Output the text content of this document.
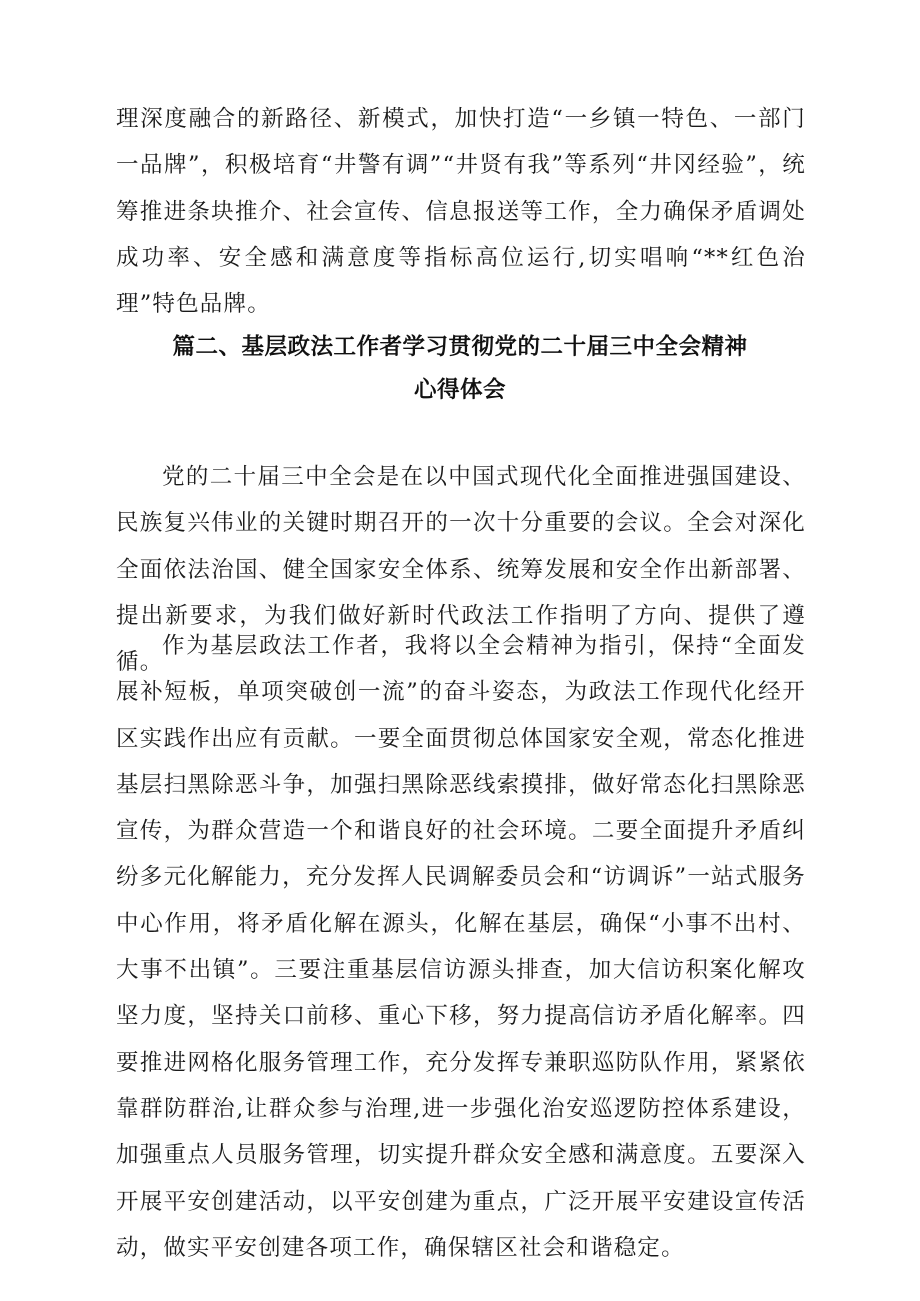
理深度融合的新路径、新模式，加快打造“一乡镇一特色、一部门一品牌”，积极培育“井警有调”“井贤有我”等系列“井冈经验”，统筹推进条块推介、社会宣传、信息报送等工作，全力确保矛盾调处成功率、安全感和满意度等指标高位运行,切实唱响“**红色治理”特色品牌。

篇二、基层政法工作者学习贯彻党的二十届三中全会精神
心得体会

党的二十届三中全会是在以中国式现代化全面推进强国建设、民族复兴伟业的关键时期召开的一次十分重要的会议。全会对深化全面依法治国、健全国家安全体系、统筹发展和安全作出新部署、提出新要求，为我们做好新时代政法工作指明了方向、提供了遵循。

作为基层政法工作者，我将以全会精神为指引，保持“全面发展补短板，单项突破创一流”的奋斗姿态，为政法工作现代化经开区实践作出应有贡献。一要全面贯彻总体国家安全观，常态化推进基层扫黑除恶斗争，加强扫黑除恶线索摸排，做好常态化扫黑除恶宣传，为群众营造一个和谐良好的社会环境。二要全面提升矛盾纠纷多元化解能力，充分发挥人民调解委员会和“访调诉”一站式服务中心作用，将矛盾化解在源头，化解在基层，确保“小事不出村、大事不出镇”。三要注重基层信访源头排查，加大信访积案化解攻坚力度，坚持关口前移、重心下移，努力提高信访矛盾化解率。四要推进网格化服务管理工作，充分发挥专兼职巡防队作用，紧紧依靠群防群治,让群众参与治理,进一步强化治安巡逻防控体系建设，加强重点人员服务管理，切实提升群众安全感和满意度。五要深入开展平安创建活动，以平安创建为重点，广泛开展平安建设宣传活动，做实平安创建各项工作，确保辖区社会和谐稳定。
